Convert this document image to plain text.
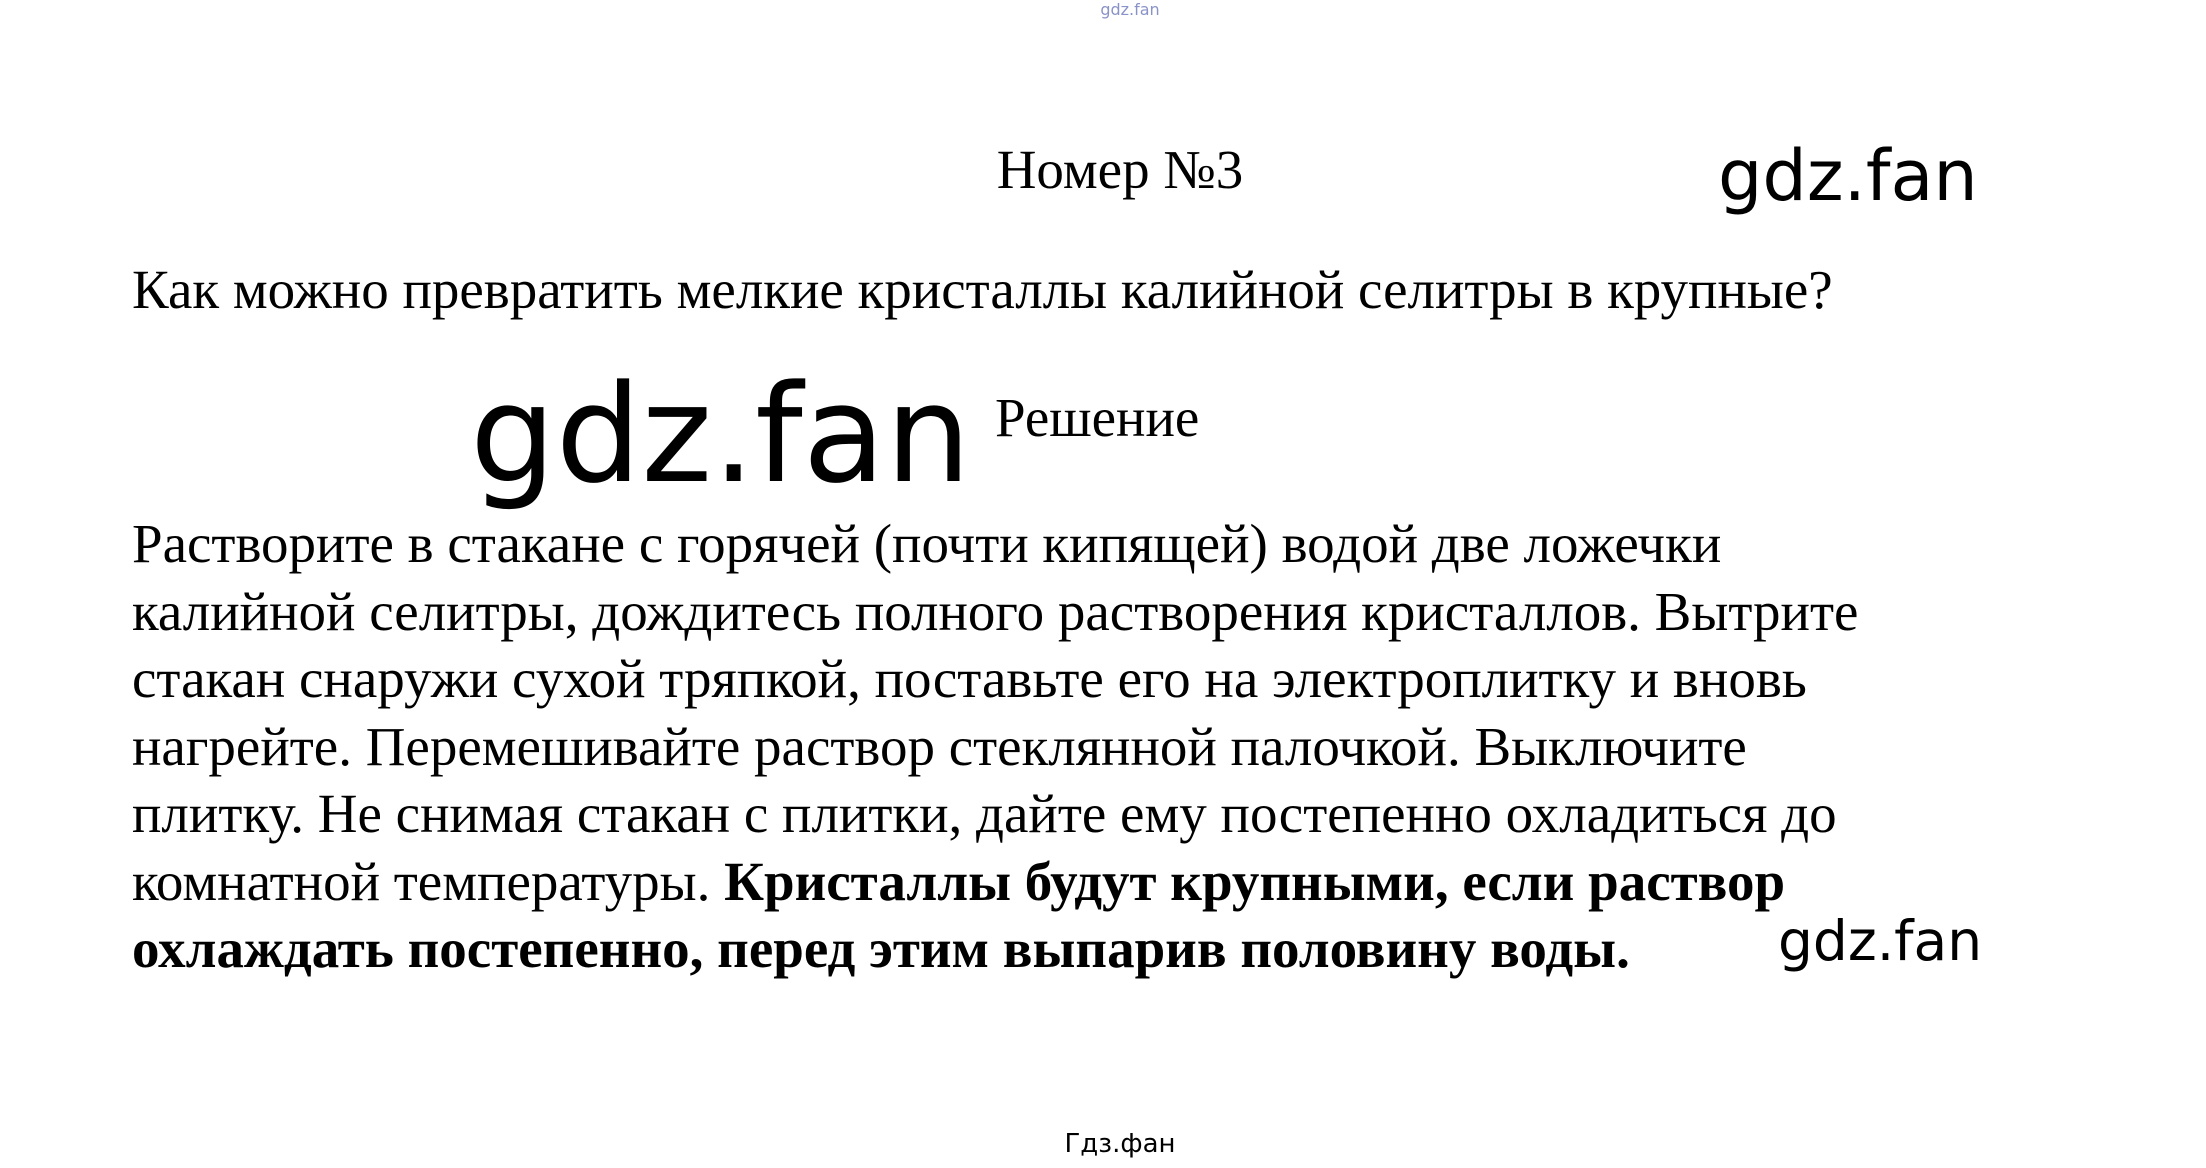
gdz.fan
Номер №3	gdz.fan
Как можно превратить мелкие кристаллы калийной селитры в крупные?
gdz.fan Решение
Растворите в стакане с горячей (почти кипящей) водой две ложечки
калийной селитры, дождитесь полного растворения кристаллов. Вытрите
стакан снаружи сухой тряпкой, поставьте его на электроплитку и вновь
нагрейте. Перемешивайте раствор стеклянной палочкой. Выключите
плитку. Не снимая стакан с плитки, дайте ему постепенно охладиться до
комнатной температуры. Кристаллы будут крупными, если раствор
охлаждать постепенно, перед этим выпарив половину воды.	gdz.fan
Гдз.фан
